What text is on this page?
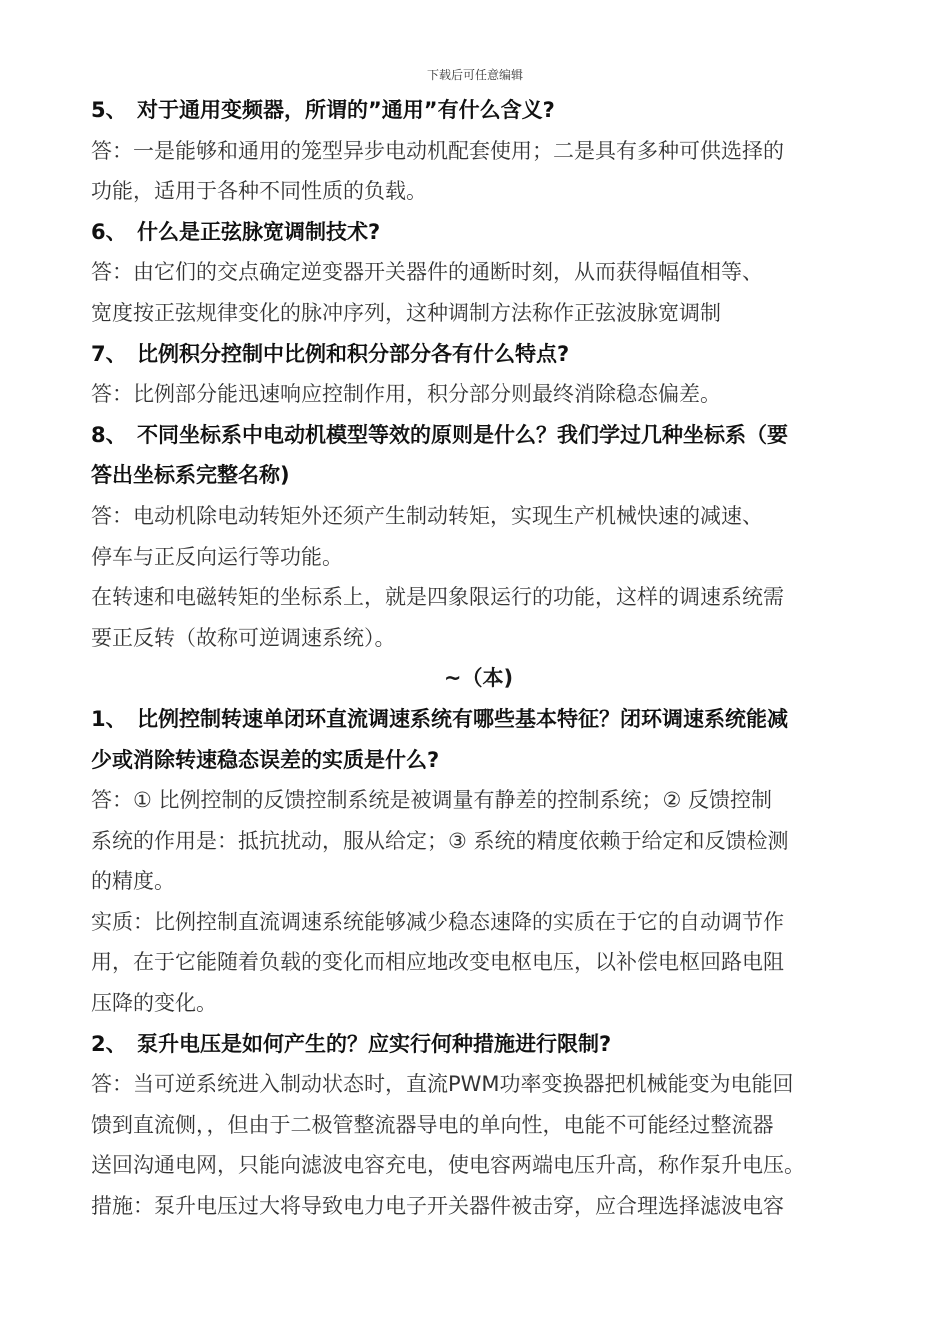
下载后可任意编辑
5、 对于通用变频器，所谓的”通用”有什么含义?
答：一是能够和通用的笼型异步电动机配套使用；二是具有多种可供选择的
功能，适用于各种不同性质的负载。
6、 什么是正弦脉宽调制技术?
答：由它们的交点确定逆变器开关器件的通断时刻，从而获得幅值相等、
宽度按正弦规律变化的脉冲序列，这种调制方法称作正弦波脉宽调制
7、 比例积分控制中比例和积分部分各有什么特点?
答：比例部分能迅速响应控制作用，积分部分则最终消除稳态偏差。
8、 不同坐标系中电动机模型等效的原则是什么？我们学过几种坐标系（要
答出坐标系完整名称)
答：电动机除电动转矩外还须产生制动转矩，实现生产机械快速的减速、
停车与正反向运行等功能。
在转速和电磁转矩的坐标系上，就是四象限运行的功能，这样的调速系统需
要正反转（故称可逆调速系统）。
~（本)
1、 比例控制转速单闭环直流调速系统有哪些基本特征？闭环调速系统能减
少或消除转速稳态误差的实质是什么?
答：① 比例控制的反馈控制系统是被调量有静差的控制系统；② 反馈控制
系统的作用是：抵抗扰动，服从给定；③ 系统的精度依赖于给定和反馈检测
的精度。
实质：比例控制直流调速系统能够减少稳态速降的实质在于它的自动调节作
用，在于它能随着负载的变化而相应地改变电枢电压，以补偿电枢回路电阻
压降的变化。
2、 泵升电压是如何产生的？应实行何种措施进行限制?
答：当可逆系统进入制动状态时，直流PWM功率变换器把机械能变为电能回
馈到直流侧，，但由于二极管整流器导电的单向性，电能不可能经过整流器
送回沟通电网，只能向滤波电容充电，使电容两端电压升高，称作泵升电压。
措施：泵升电压过大将导致电力电子开关器件被击穿，应合理选择滤波电容
